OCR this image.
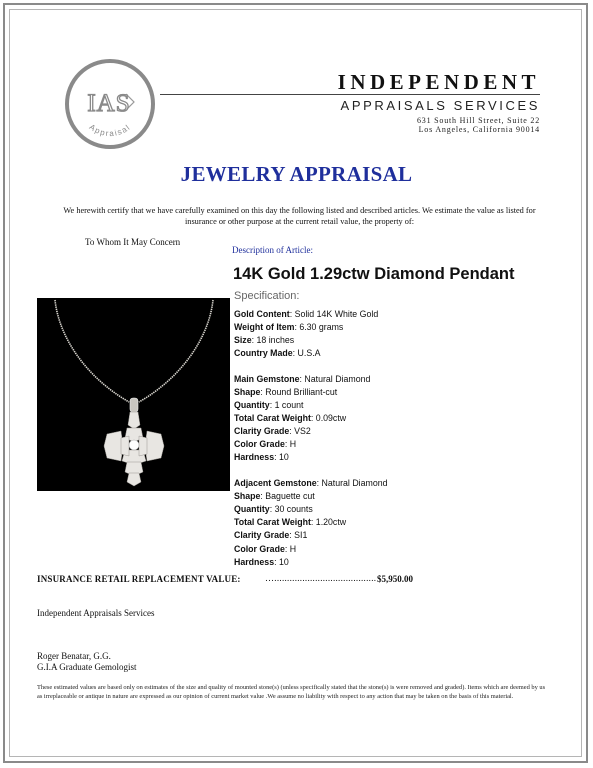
IAS
Appraisal
INDEPENDENT
APPRAISALS SERVICES
631 South Hill Street, Suite 22
Los Angeles, California 90014
JEWELRY APPRAISAL
We herewith certify that we have carefully examined on this day the following listed and described articles. We estimate the value as listed for insurance or other purpose at the current retail value, the property of:
To Whom It May Concern
Description of Article:
14K Gold 1.29ctw Diamond Pendant
Specification:
Gold Content: Solid 14K White Gold
Weight of Item: 6.30 grams
Size: 18 inches
Country Made: U.S.A
Main Gemstone: Natural Diamond
Shape: Round Brilliant-cut
Quantity: 1 count
Total Carat Weight: 0.09ctw
Clarity Grade: VS2
Color Grade: H
Hardness: 10
Adjacent Gemstone: Natural Diamond
Shape: Baguette cut
Quantity: 30 counts
Total Carat Weight: 1.20ctw
Clarity Grade: SI1
Color Grade: H
Hardness: 10
INSURANCE RETAIL REPLACEMENT VALUE:	…........................................ $5,950.00
Independent Appraisals Services
Roger Benatar, G.G.
G.I.A Graduate Gemologist
These estimated values are based only on estimates of the size and quality of mounted stone(s) (unless specifically stated that the stone(s) is were removed and graded). Items which are deemed by us as irreplaceable or antique in nature are expressed as our opinion of current market value .We assume no liability with respect to any action that may be taken on the basis of this material.
